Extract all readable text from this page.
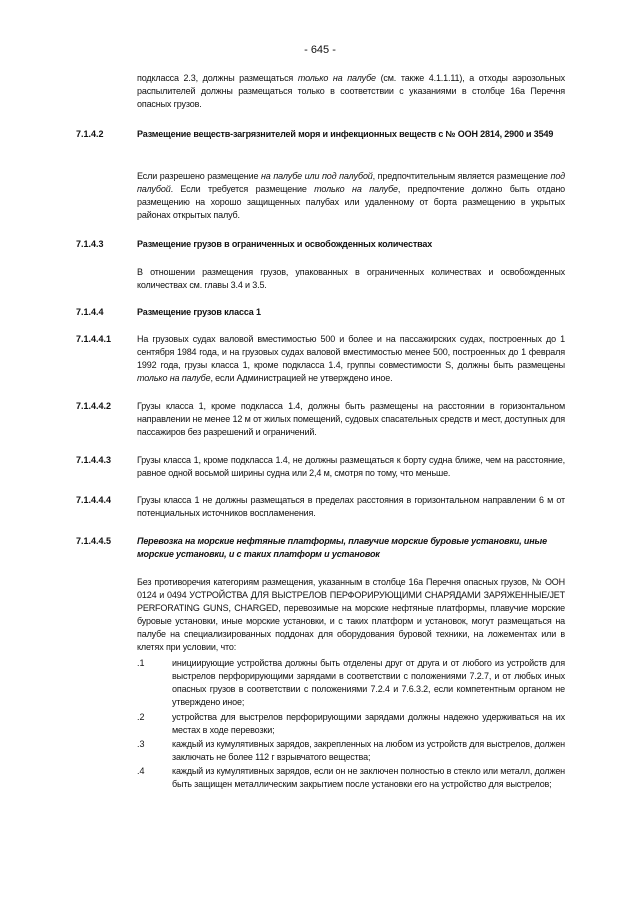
- 645 -
подкласса 2.3, должны размещаться только на палубе (см. также 4.1.1.11), а отходы аэрозольных распылителей должны размещаться только в соответствии с указаниями в столбце 16а Перечня опасных грузов.
7.1.4.2	Размещение веществ-загрязнителей моря и инфекционных веществ с № ООН 2814, 2900 и 3549
Если разрешено размещение на палубе или под палубой, предпочтительным является размещение под палубой. Если требуется размещение только на палубе, предпочтение должно быть отдано размещению на хорошо защищенных палубах или удаленному от борта размещению в укрытых районах открытых палуб.
7.1.4.3	Размещение грузов в ограниченных и освобожденных количествах
В отношении размещения грузов, упакованных в ограниченных количествах и освобожденных количествах см. главы 3.4 и 3.5.
7.1.4.4	Размещение грузов класса 1
7.1.4.4.1	На грузовых судах валовой вместимостью 500 и более и на пассажирских судах, построенных до 1 сентября 1984 года, и на грузовых судах валовой вместимостью менее 500, построенных до 1 февраля 1992 года, грузы класса 1, кроме подкласса 1.4, группы совместимости S, должны быть размещены только на палубе, если Администрацией не утверждено иное.
7.1.4.4.2	Грузы класса 1, кроме подкласса 1.4, должны быть размещены на расстоянии в горизонтальном направлении не менее 12 м от жилых помещений, судовых спасательных средств и мест, доступных для пассажиров без разрешений и ограничений.
7.1.4.4.3	Грузы класса 1, кроме подкласса 1.4, не должны размещаться к борту судна ближе, чем на расстояние, равное одной восьмой ширины судна или 2,4 м, смотря по тому, что меньше.
7.1.4.4.4	Грузы класса 1 не должны размещаться в пределах расстояния в горизонтальном направлении 6 м от потенциальных источников воспламенения.
7.1.4.4.5	Перевозка на морские нефтяные платформы, плавучие морские буровые установки, иные морские установки, и с таких платформ и установок
Без противоречия категориям размещения, указанным в столбце 16а Перечня опасных грузов, № ООН 0124 и 0494 УСТРОЙСТВА ДЛЯ ВЫСТРЕЛОВ ПЕРФОРИРУЮЩИМИ СНАРЯДАМИ ЗАРЯЖЕННЫЕ/JET PERFORATING GUNS, CHARGED, перевозимые на морские нефтяные платформы, плавучие морские буровые установки, иные морские установки, и с таких платформ и установок, могут размещаться на палубе на специализированных поддонах для оборудования буровой техники, на ложементах или в клетях при условии, что:
.1	инициирующие устройства должны быть отделены друг от друга и от любого из устройств для выстрелов перфорирующими зарядами в соответствии с положениями 7.2.7, и от любых иных опасных грузов в соответствии с положениями 7.2.4 и 7.6.3.2, если компетентным органом не утверждено иное;
.2	устройства для выстрелов перфорирующими зарядами должны надежно удерживаться на их местах в ходе перевозки;
.3	каждый из кумулятивных зарядов, закрепленных на любом из устройств для выстрелов, должен заключать не более 112 г взрывчатого вещества;
.4	каждый из кумулятивных зарядов, если он не заключен полностью в стекло или металл, должен быть защищен металлическим закрытием после установки его на устройство для выстрелов;
